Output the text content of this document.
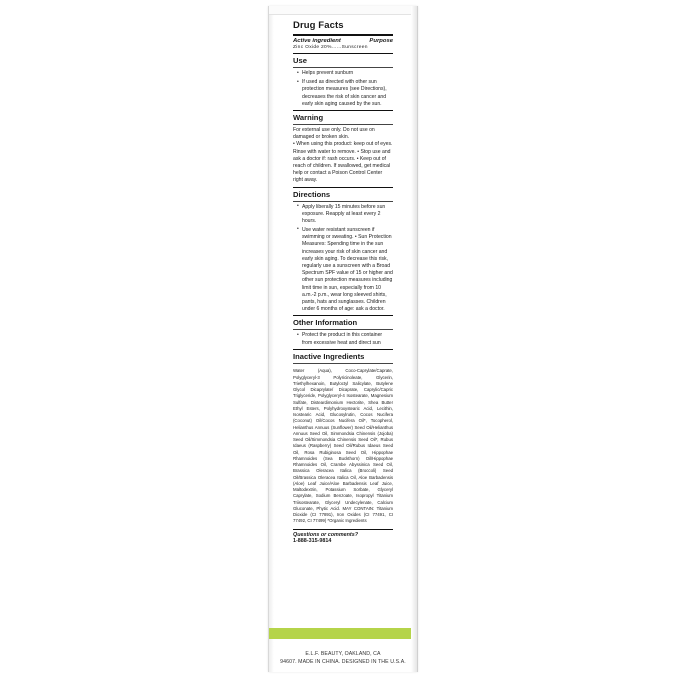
Drug Facts
Active ingredient	Purpose
Zinc Oxide 20%......Sunscreen
Use
• Helps prevent sunburn
• If used as directed with other sun protection measures (see Directions), decreases the risk of skin cancer and early skin aging caused by the sun.
Warning

For external use only. Do not use on damaged or broken skin.

• When using this product: keep out of eyes. Rinse with water to remove. • Stop use and ask a doctor if: rash occurs. • Keep out of reach of children. If swallowed, get medical help or contact a Poison Control Center right away.

Directions
• Apply liberally 15 minutes before sun exposure. Reapply at least every 2 hours.
• Use water resistant sunscreen if swimming or sweating. • Sun Protection Measures: Spending time in the sun increases your risk of skin cancer and early skin aging. To decrease this risk, regularly use a sunscreen with a Broad Spectrum SPF value of 15 or higher and other sun protection measures including limit time in sun, especially from 10 a.m.-2 p.m., wear long sleeved shirts, pants, hats and sunglasses. Children under 6 months of age: ask a doctor.
Other Information
• Protect the product in this container from excessive heat and direct sun
Inactive Ingredients

Water (Aqua), Coco-Caprylate/Caprate, Polyglyceryl-3 Polyricinoleate, Glycerin, Triethylhexanoin, Butyloctyl Salicylate, Butylene Glycol Dicaprylate/ Dicaprate, Caprylic/Capric Triglyceride, Polyglyceryl-4 Isostearate, Magnesium Sulfate, Disteardimonium Hectorite, Shea Butter Ethyl Esters, Polyhydroxystearic Acid, Lecithin, Isostearic Acid, Glucosylrutin, Cocos Nucifera (Coconut) Oil/Cocos Nucifera Oil*, Tocopherol, Helianthus Annuus (Sunflower) Seed Oil/Helianthus Annuus Seed Oil, Simmondsia Chinensis (Jojoba) Seed Oil/Simmondsia Chinensis Seed Oil*, Rubus Idaeus (Raspberry) Seed Oil/Rubus Idaeus Seed Oil, Rosa Rubiginosa Seed Oil, Hippophae Rhamnoides (Sea Buckthorn) Oil/Hippophae Rhamnoides Oil, Crambe Abyssinica Seed Oil, Brassica Oleracea Italica (Broccoli) Seed Oil/Brassica Oleracea Italica Oil, Aloe Barbadensis (Aloe) Leaf Juice/Aloe Barbadensis Leaf Juice, Maltodextrin, Potassium Sorbate, Glyceryl Caprylate, Sodium Benzoate, Isopropyl Titanium Triisostearate, Glyceryl Undecylenate, Calcium Gluconate, Phytic Acid. MAY CONTAIN: Titanium Dioxide (CI 77891), Iron Oxides (CI 77491, CI 77492, CI 77499) *Organic Ingredients

Questions or comments?
1-888-315-9814
E.L.F. BEAUTY, OAKLAND, CA
94607. MADE IN CHINA. DESIGNED IN THE U.S.A.
